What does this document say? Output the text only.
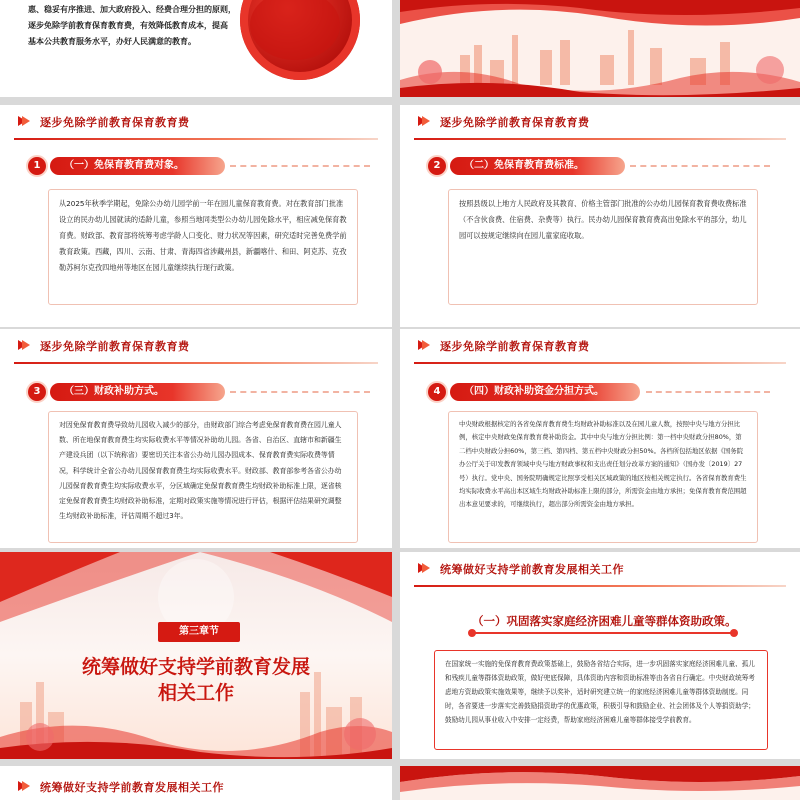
惠、稳妥有序推进、加大政府投入、经费合理分担的原则，
逐步免除学前教育保育教育费，有效降低教育成本，提高
基本公共教育服务水平，办好人民满意的教育。
逐步免除学前教育保育教育费
1	（一）免保育教育费对象。
从2025年秋季学期起，免除公办幼儿园学前一年在园儿童保育教育费。对在教育部门批准设立的民办幼儿园就读的适龄儿童，参照当地同类型公办幼儿园免除水平，相应减免保育教育费。财政部、教育部将统筹考虑学龄人口变化、财力状况等因素，研究适时完善免费学前教育政策。西藏，四川、云南、甘肃、青海四省涉藏州县，新疆喀什、和田、阿克苏、克孜勒苏柯尔克孜四地州等地区在园儿童继续执行现行政策。
逐步免除学前教育保育教育费
2	（二）免保育教育费标准。
按照县级以上地方人民政府及其教育、价格主管部门批准的公办幼儿园保育教育费收费标准（不含伙食费、住宿费、杂费等）执行。民办幼儿园保育教育费高出免除水平的部分，幼儿园可以按规定继续向在园儿童家庭收取。
逐步免除学前教育保育教育费
3	（三）财政补助方式。
对因免保育教育费导致幼儿园收入减少的部分，由财政部门综合考虑免保育教育费在园儿童人数、所在地保育教育费生均实际收费水平等情况补助幼儿园。各省、自治区、直辖市和新疆生产建设兵团（以下统称省）要密切关注本省公办幼儿园办园成本、保育教育费实际收费等情况，科学统计全省公办幼儿园保育教育费生均实际收费水平。财政部、教育部参考各省公办幼儿园保育教育费生均实际收费水平，分区域确定免保育教育费生均财政补助标准上限，逐省核定免保育教育费生均财政补助标准，定期对政策实施等情况进行评估，根据评估结果研究调整生均财政补助标准，评估周期不超过3年。
逐步免除学前教育保育教育费
4	（四）财政补助资金分担方式。
中央财政根据核定的各省免保育教育费生均财政补助标准以及在园儿童人数，按照中央与地方分担比例，核定中央财政免保育教育费补助资金。其中中央与地方分担比例：第一档中央财政分担80%，第二档中央财政分担60%，第三档、第四档、第五档中央财政分担50%。各档所包括地区依据《国务院办公厅关于印发教育领域中央与地方财政事权和支出责任划分改革方案的通知》（国办发〔2019〕27号）执行。党中央、国务院明确规定比照享受相关区域政策的地区按相关规定执行。各省保育教育费生均实际收费水平高出本区域生均财政补助标准上限的部分，所需资金由地方承担；免保育教育费范围超出本意见要求的，可继续执行，超出部分所需资金由地方承担。
第三章节
统筹做好支持学前教育发展
相关工作
统筹做好支持学前教育发展相关工作
（一）巩固落实家庭经济困难儿童等群体资助政策。
在国家统一实施的免保育教育费政策基础上，鼓励各省结合实际，进一步巩固落实家庭经济困难儿童、孤儿和残疾儿童等群体资助政策，做好兜底保障，具体资助内容和资助标准等由各省自行确定。中央财政统筹考虑地方资助政策实施效果等，继续予以奖补，适时研究建立统一的家庭经济困难儿童等群体资助制度。同时，各省要进一步落实完善鼓励捐资助学的优惠政策，积极引导和鼓励企业、社会团体及个人等捐资助学；鼓励幼儿园从事业收入中安排一定经费，帮助家庭经济困难儿童等群体接受学前教育。
统筹做好支持学前教育发展相关工作
